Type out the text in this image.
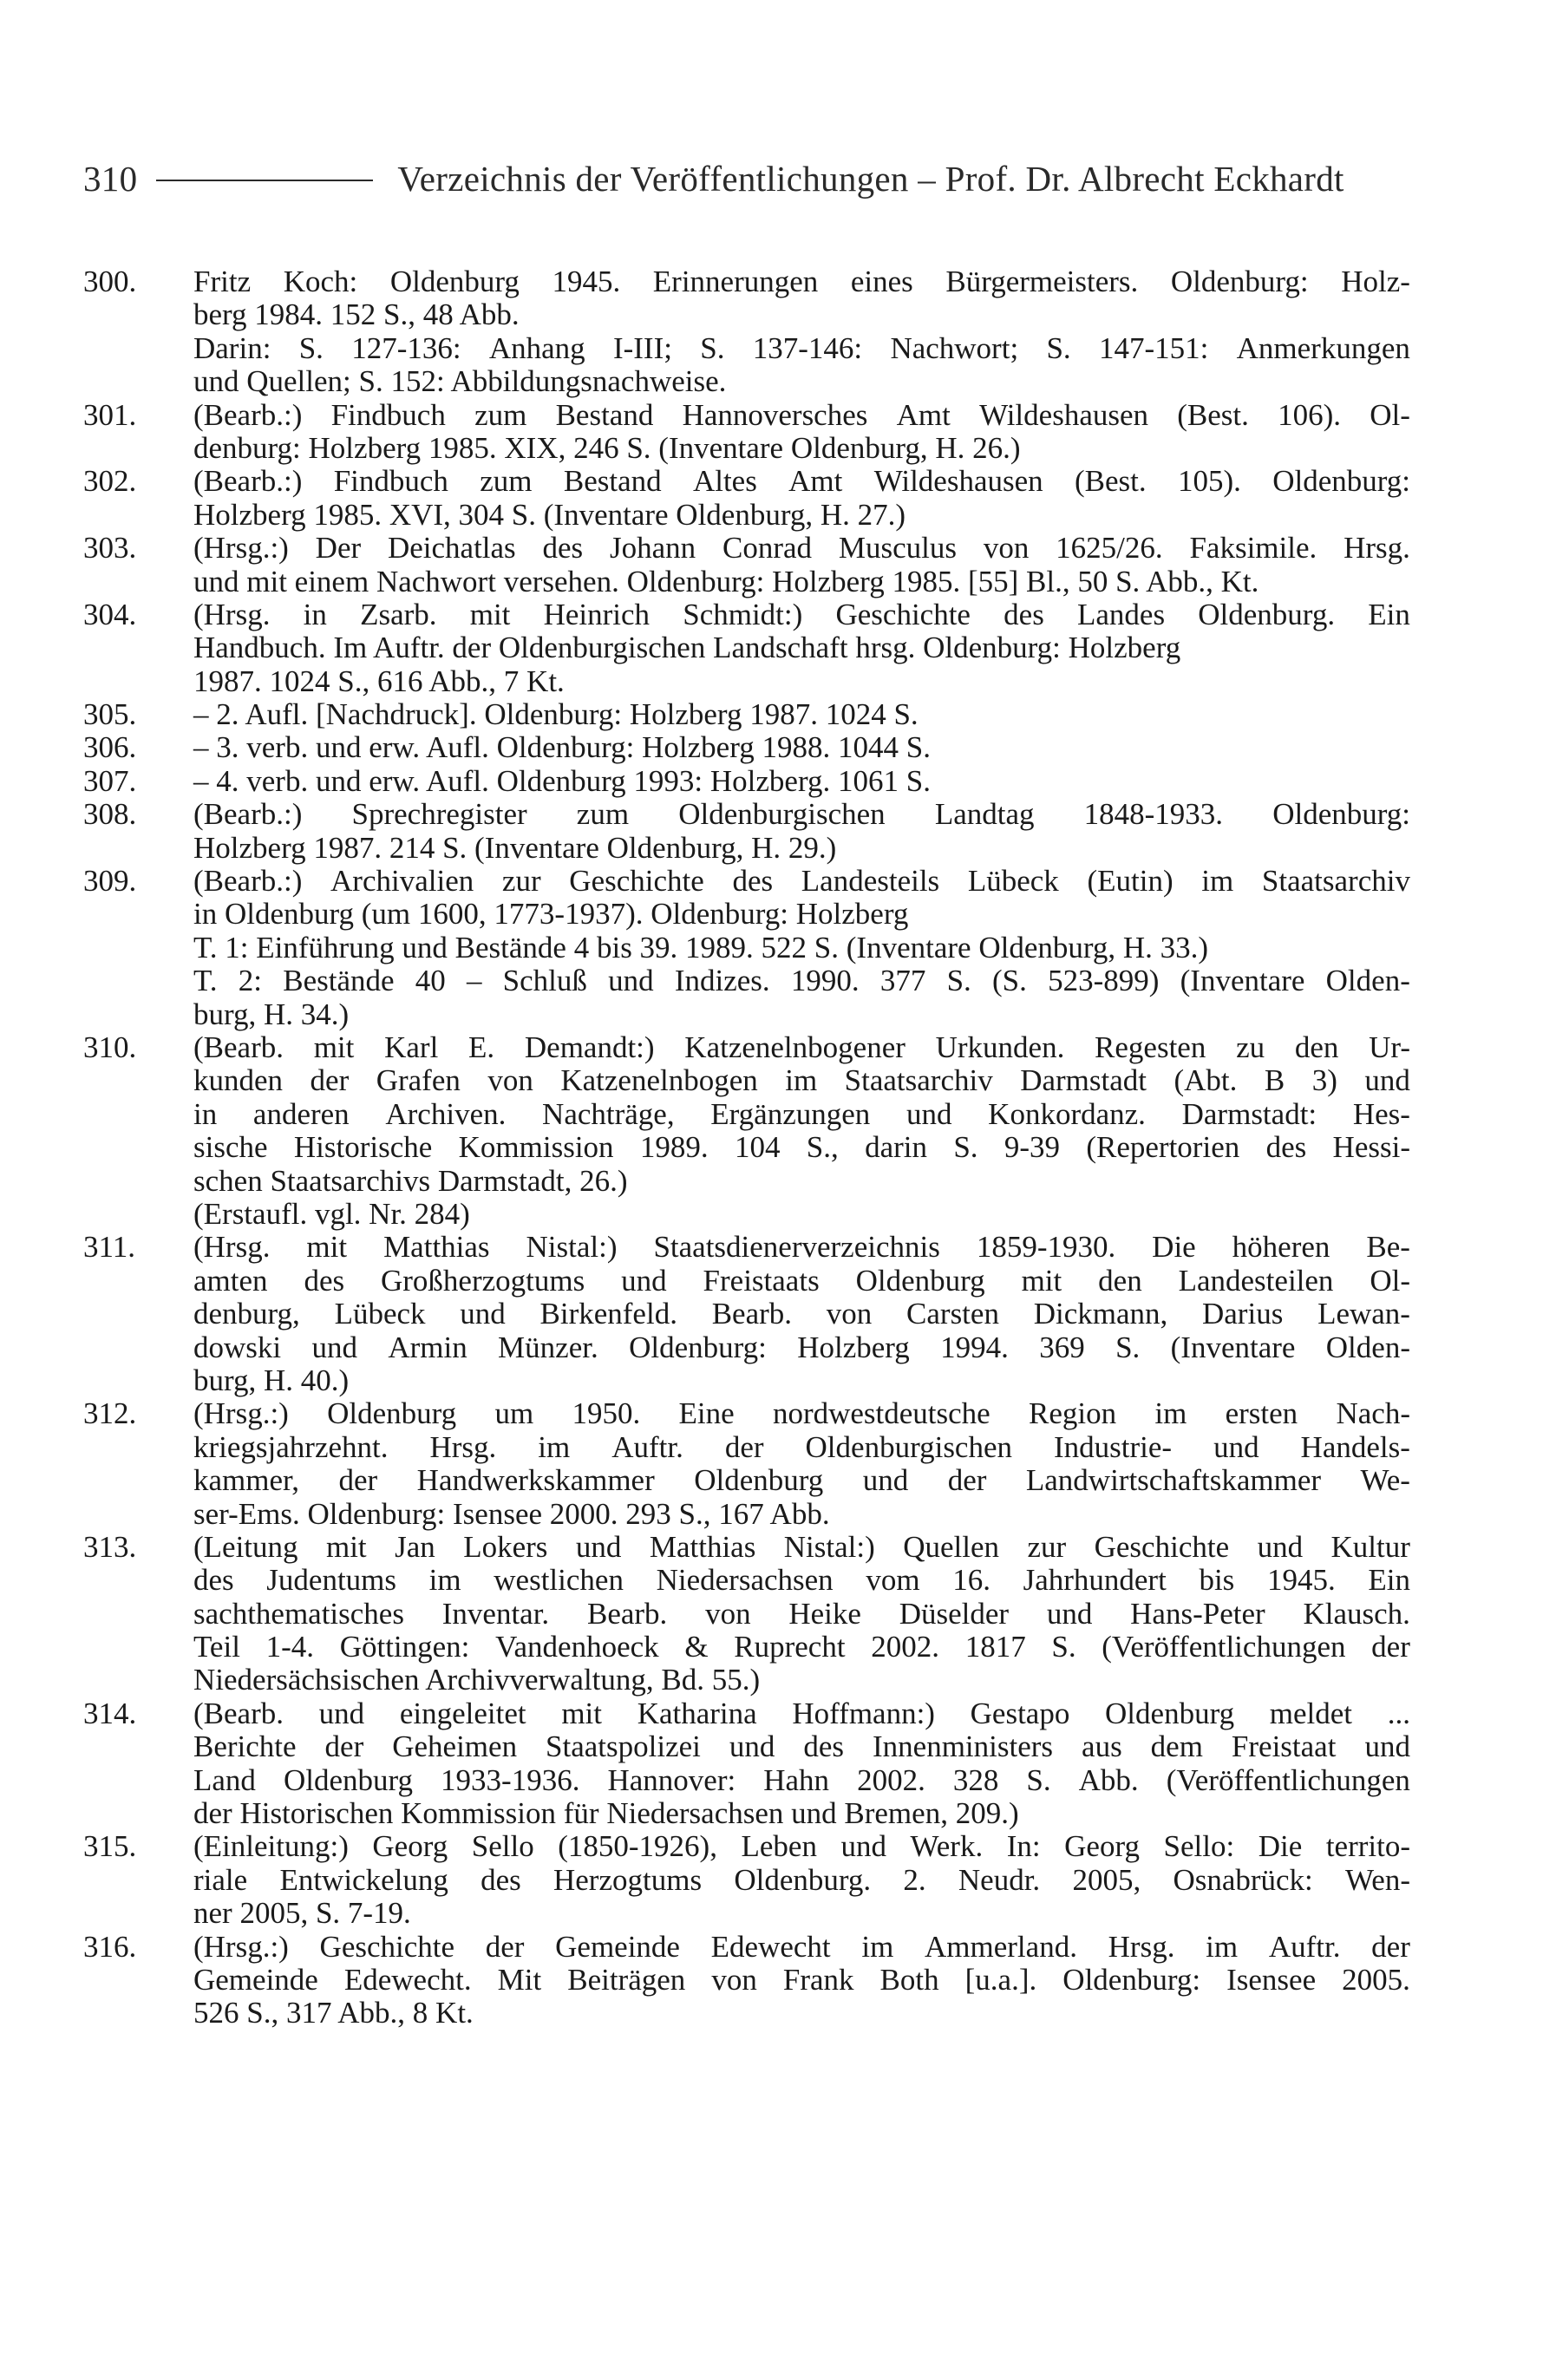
310	Verzeichnis der Veröffentlichungen – Prof. Dr. Albrecht Eckhardt
300.	Fritz Koch: Oldenburg 1945. Erinnerungen eines Bürgermeisters. Oldenburg: Holz-
berg 1984. 152 S., 48 Abb.
Darin: S. 127-136: Anhang I-III; S. 137-146: Nachwort; S. 147-151: Anmerkungen
und Quellen; S. 152: Abbildungsnachweise.
301.	(Bearb.:) Findbuch zum Bestand Hannoversches Amt Wildeshausen (Best. 106). Ol-
denburg: Holzberg 1985. XIX, 246 S. (Inventare Oldenburg, H. 26.)
302.	(Bearb.:) Findbuch zum Bestand Altes Amt Wildeshausen (Best. 105). Oldenburg:
Holzberg 1985. XVI, 304 S. (Inventare Oldenburg, H. 27.)
303.	(Hrsg.:) Der Deichatlas des Johann Conrad Musculus von 1625/26. Faksimile. Hrsg.
und mit einem Nachwort versehen. Oldenburg: Holzberg 1985. [55] Bl., 50 S. Abb., Kt.
304.	(Hrsg. in Zsarb. mit Heinrich Schmidt:) Geschichte des Landes Oldenburg. Ein
Handbuch. Im Auftr. der Oldenburgischen Landschaft hrsg. Oldenburg: Holzberg
1987. 1024 S., 616 Abb., 7 Kt.
305.	– 2. Aufl. [Nachdruck]. Oldenburg: Holzberg 1987. 1024 S.
306.	– 3. verb. und erw. Aufl. Oldenburg: Holzberg 1988. 1044 S.
307.	– 4. verb. und erw. Aufl. Oldenburg 1993: Holzberg. 1061 S.
308.	(Bearb.:) Sprechregister zum Oldenburgischen Landtag 1848-1933. Oldenburg:
Holzberg 1987. 214 S. (Inventare Oldenburg, H. 29.)
309.	(Bearb.:) Archivalien zur Geschichte des Landesteils Lübeck (Eutin) im Staatsarchiv
in Oldenburg (um 1600, 1773-1937). Oldenburg: Holzberg
T. 1: Einführung und Bestände 4 bis 39. 1989. 522 S. (Inventare Oldenburg, H. 33.)
T. 2: Bestände 40 – Schluß und Indizes. 1990. 377 S. (S. 523-899) (Inventare Olden-
burg, H. 34.)
310.	(Bearb. mit Karl E. Demandt:) Katzenelnbogener Urkunden. Regesten zu den Ur-
kunden der Grafen von Katzenelnbogen im Staatsarchiv Darmstadt (Abt. B 3) und
in anderen Archiven. Nachträge, Ergänzungen und Konkordanz. Darmstadt: Hes-
sische Historische Kommission 1989. 104 S., darin S. 9-39 (Repertorien des Hessi-
schen Staatsarchivs Darmstadt, 26.)
(Erstaufl. vgl. Nr. 284)
311.	(Hrsg. mit Matthias Nistal:) Staatsdienerverzeichnis 1859-1930. Die höheren Be-
amten des Großherzogtums und Freistaats Oldenburg mit den Landesteilen Ol-
denburg, Lübeck und Birkenfeld. Bearb. von Carsten Dickmann, Darius Lewan-
dowski und Armin Münzer. Oldenburg: Holzberg 1994. 369 S. (Inventare Olden-
burg, H. 40.)
312.	(Hrsg.:) Oldenburg um 1950. Eine nordwestdeutsche Region im ersten Nach-
kriegsjahrzehnt. Hrsg. im Auftr. der Oldenburgischen Industrie- und Handels-
kammer, der Handwerkskammer Oldenburg und der Landwirtschaftskammer We-
ser-Ems. Oldenburg: Isensee 2000. 293 S., 167 Abb.
313.	(Leitung mit Jan Lokers und Matthias Nistal:) Quellen zur Geschichte und Kultur
des Judentums im westlichen Niedersachsen vom 16. Jahrhundert bis 1945. Ein
sachthematisches Inventar. Bearb. von Heike Düselder und Hans-Peter Klausch.
Teil 1-4. Göttingen: Vandenhoeck & Ruprecht 2002. 1817 S. (Veröffentlichungen der
Niedersächsischen Archivverwaltung, Bd. 55.)
314.	(Bearb. und eingeleitet mit Katharina Hoffmann:) Gestapo Oldenburg meldet ...
Berichte der Geheimen Staatspolizei und des Innenministers aus dem Freistaat und
Land Oldenburg 1933-1936. Hannover: Hahn 2002. 328 S. Abb. (Veröffentlichungen
der Historischen Kommission für Niedersachsen und Bremen, 209.)
315.	(Einleitung:) Georg Sello (1850-1926), Leben und Werk. In: Georg Sello: Die territo-
riale Entwickelung des Herzogtums Oldenburg. 2. Neudr. 2005, Osnabrück: Wen-
ner 2005, S. 7-19.
316.	(Hrsg.:) Geschichte der Gemeinde Edewecht im Ammerland. Hrsg. im Auftr. der
Gemeinde Edewecht. Mit Beiträgen von Frank Both [u.a.]. Oldenburg: Isensee 2005.
526 S., 317 Abb., 8 Kt.
